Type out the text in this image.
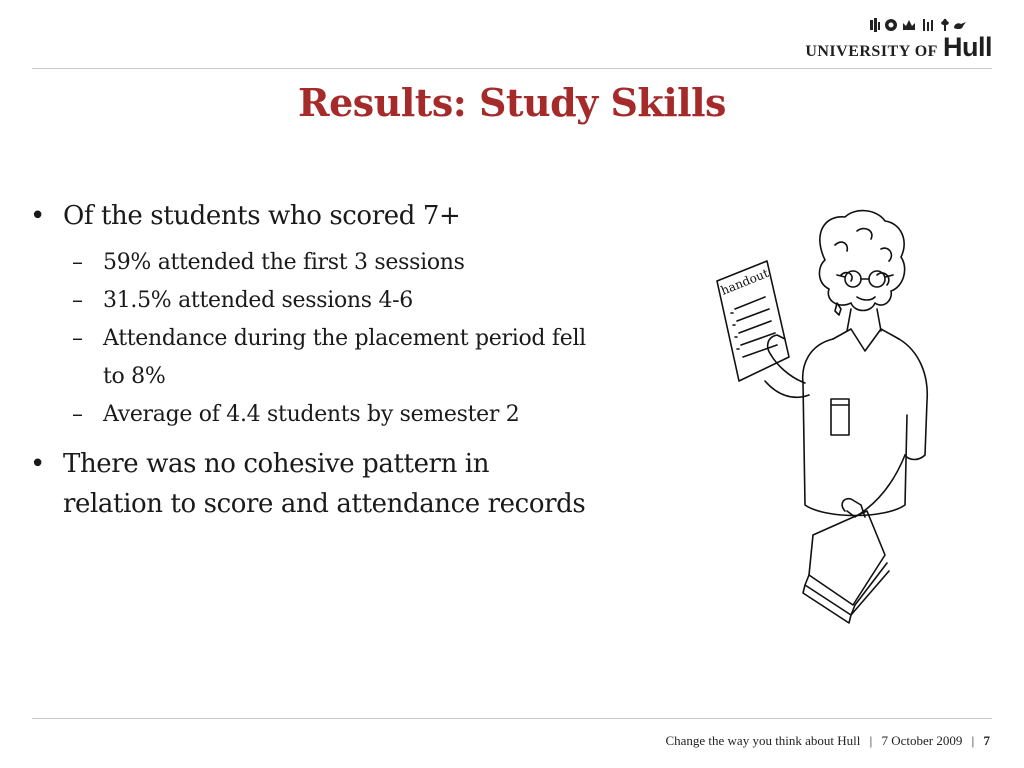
UNIVERSITY OF Hull
Results: Study Skills
• Of the students who scored 7+
– 59% attended the first 3 sessions
– 31.5% attended sessions 4-6
– Attendance during the placement period fell to 8%
– Average of 4.4 students by semester 2
• There was no cohesive pattern in relation to score and attendance records
handout
Change the way you think about Hull | 7 October 2009 | 7
